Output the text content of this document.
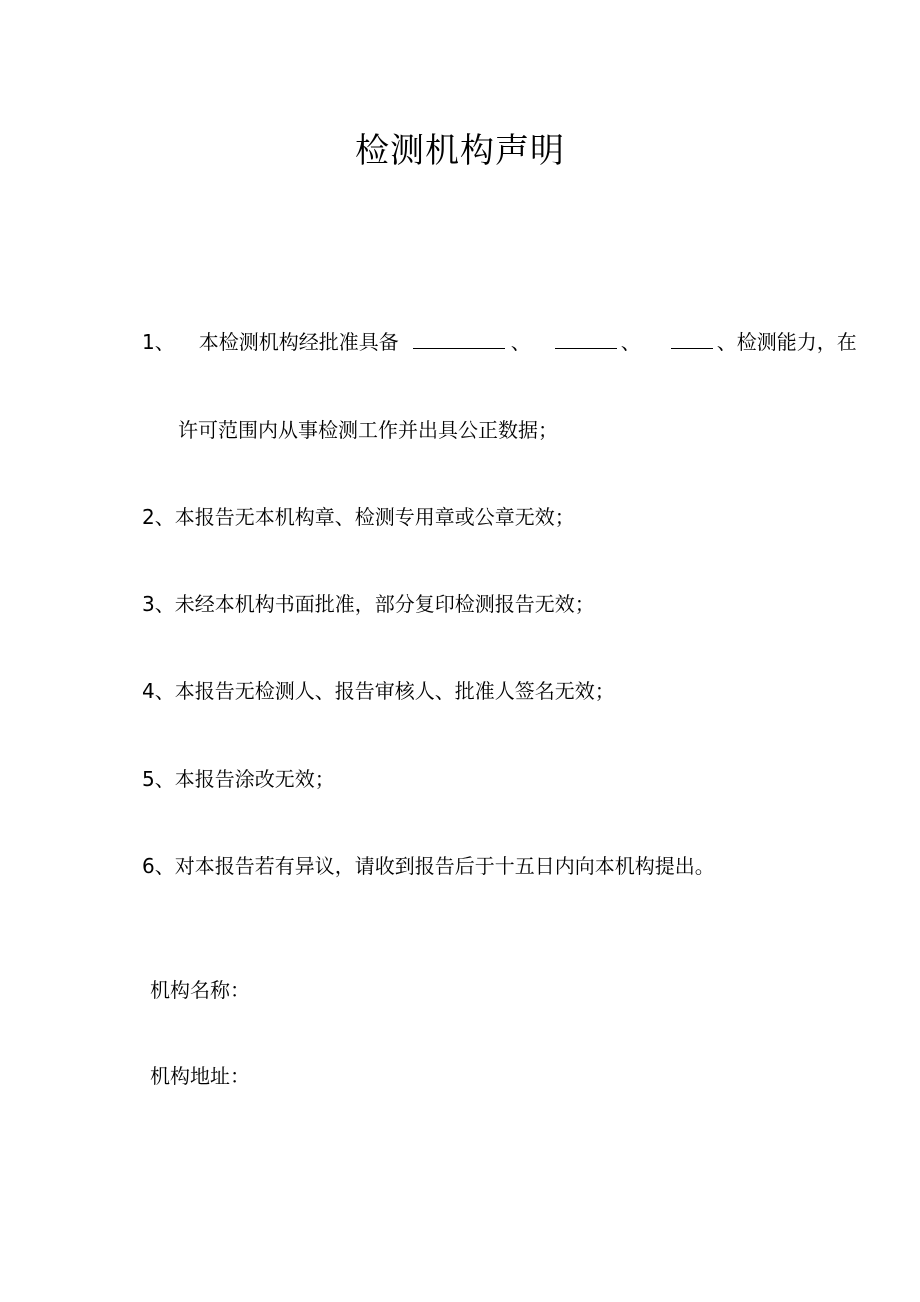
检测机构声明
1、 本检测机构经批准具备	、	、	、检测能力，在
许可范围内从事检测工作并出具公正数据；
2、本报告无本机构章、检测专用章或公章无效；
3、未经本机构书面批准，部分复印检测报告无效；
4、本报告无检测人、报告审核人、批准人签名无效；
5、本报告涂改无效；
6、对本报告若有异议，请收到报告后于十五日内向本机构提出。
机构名称：
机构地址：
